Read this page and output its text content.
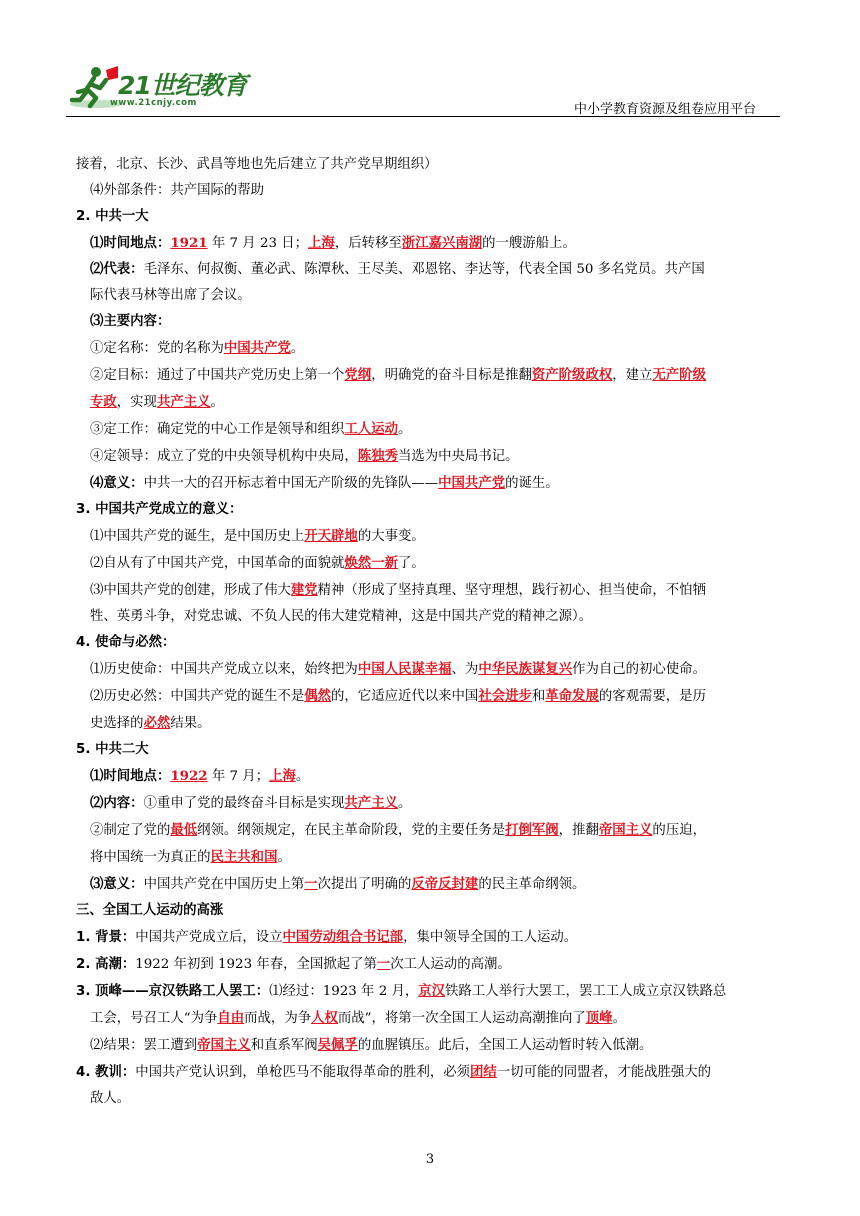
21世纪教育
www.21cnjy.com	中小学教育资源及组卷应用平台

接着，北京、长沙、武昌等地也先后建立了共产党早期组织）

⑷外部条件：共产国际的帮助

2. 中共一大

⑴时间地点：1921 年 7 月 23 日；上海，后转移至浙江嘉兴南湖的一艘游船上。

⑵代表：毛泽东、何叔衡、董必武、陈潭秋、王尽美、邓恩铭、李达等，代表全国 50 多名党员。共产国

际代表马林等出席了会议。

⑶主要内容：

①定名称：党的名称为中国共产党。

②定目标：通过了中国共产党历史上第一个党纲，明确党的奋斗目标是推翻资产阶级政权，建立无产阶级

专政，实现共产主义。

③定工作：确定党的中心工作是领导和组织工人运动。

④定领导：成立了党的中央领导机构中央局，陈独秀当选为中央局书记。

⑷意义：中共一大的召开标志着中国无产阶级的先锋队——中国共产党的诞生。

3. 中国共产党成立的意义：

⑴中国共产党的诞生，是中国历史上开天辟地的大事变。

⑵自从有了中国共产党，中国革命的面貌就焕然一新了。

⑶中国共产党的创建，形成了伟大建党精神（形成了坚持真理、坚守理想，践行初心、担当使命，不怕牺

牲、英勇斗争，对党忠诚、不负人民的伟大建党精神，这是中国共产党的精神之源）。

4. 使命与必然：

⑴历史使命：中国共产党成立以来，始终把为中国人民谋幸福、为中华民族谋复兴作为自己的初心使命。

⑵历史必然：中国共产党的诞生不是偶然的，它适应近代以来中国社会进步和革命发展的客观需要，是历

史选择的必然结果。

5. 中共二大

⑴时间地点：1922 年 7 月；上海。

⑵内容：①重申了党的最终奋斗目标是实现共产主义。

②制定了党的最低纲领。纲领规定，在民主革命阶段，党的主要任务是打倒军阀，推翻帝国主义的压迫，

将中国统一为真正的民主共和国。

⑶意义：中国共产党在中国历史上第一次提出了明确的反帝反封建的民主革命纲领。

三、全国工人运动的高涨

1. 背景：中国共产党成立后，设立中国劳动组合书记部，集中领导全国的工人运动。

2. 高潮：1922 年初到 1923 年春，全国掀起了第一次工人运动的高潮。

3. 顶峰——京汉铁路工人罢工：⑴经过：1923 年 2 月，京汉铁路工人举行大罢工，罢工工人成立京汉铁路总

工会，号召工人“为争自由而战，为争人权而战”，将第一次全国工人运动高潮推向了顶峰。

⑵结果：罢工遭到帝国主义和直系军阀吴佩孚的血腥镇压。此后，全国工人运动暂时转入低潮。

4. 教训：中国共产党认识到，单枪匹马不能取得革命的胜利，必须团结一切可能的同盟者，才能战胜强大的

敌人。

3
